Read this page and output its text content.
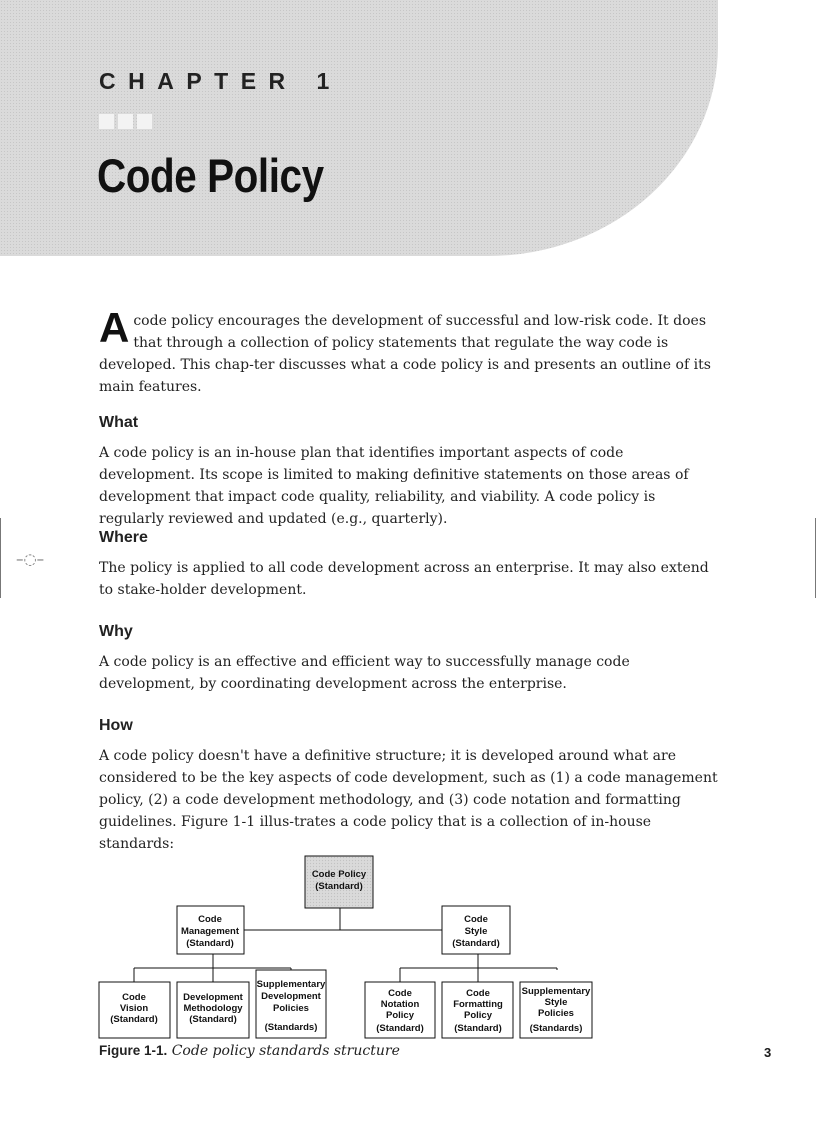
CHAPTER 1
Code Policy

Acode policy encourages the development of successful and low-risk code. It does that through a collection of policy statements that regulate the way code is developed. This chap-ter discusses what a code policy is and presents an outline of its main features.

What

A code policy is an in-house plan that identifies important aspects of code development. Its scope is limited to making definitive statements on those areas of development that impact code quality, reliability, and viability. A code policy is regularly reviewed and updated (e.g., quarterly).

Where

The policy is applied to all code development across an enterprise. It may also extend to stake-holder development.

Why

A code policy is an effective and efficient way to successfully manage code development, by coordinating development across the enterprise.

How

A code policy doesn't have a definitive structure; it is developed around what are considered to be the key aspects of code development, such as (1) a code management policy, (2) a code development methodology, and (3) code notation and formatting guidelines. Figure 1-1 illus-trates a code policy that is a collection of in-house standards:

–◌–
Code Policy
(Standard)
Code
Management
(Standard)
Code
Style
(Standard)
Code
Vision
(Standard)
Development
Methodology
(Standard)
Supplementary
Development
Policies
(Standards)
Code
Notation
Policy
(Standard)
Code
Formatting
Policy
(Standard)
Supplementary
Style
Policies
(Standards)
Figure 1-1. Code policy standards structure	3
